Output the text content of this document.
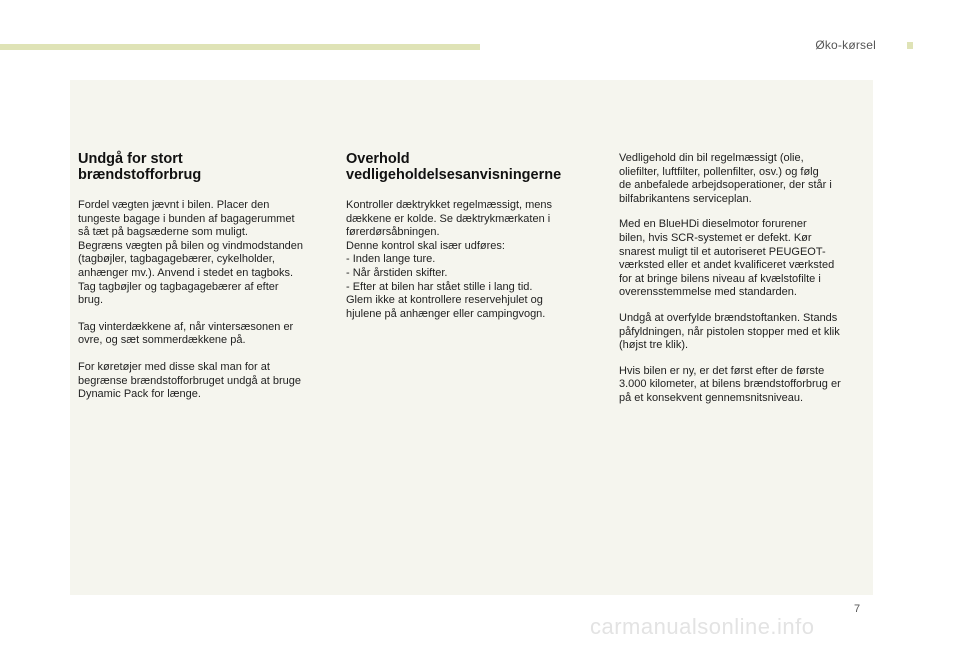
Øko-kørsel
Undgå for stort
brændstofforbrug

Fordel vægten jævnt i bilen. Placer den
tungeste bagage i bunden af bagagerummet
så tæt på bagsæderne som muligt.
Begræns vægten på bilen og vindmodstanden
(tagbøjler, tagbagagebærer, cykelholder,
anhænger mv.). Anvend i stedet en tagboks.
Tag tagbøjler og tagbagagebærer af efter
brug.

Tag vinterdækkene af, når vintersæsonen er
ovre, og sæt sommerdækkene på.

For køretøjer med disse skal man for at
begrænse brændstofforbruget undgå at bruge
Dynamic Pack for længe.

Overhold
vedligeholdelsesanvisningerne

Kontroller dæktrykket regelmæssigt, mens
dækkene er kolde. Se dæktrykmærkaten i
førerdørsåbningen.
Denne kontrol skal især udføres:
- Inden lange ture.
- Når årstiden skifter.
- Efter at bilen har stået stille i lang tid.
Glem ikke at kontrollere reservehjulet og
hjulene på anhænger eller campingvogn.

Vedligehold din bil regelmæssigt (olie,
oliefilter, luftfilter, pollenfilter, osv.) og følg
de anbefalede arbejdsoperationer, der står i
bilfabrikantens serviceplan.

Med en BlueHDi dieselmotor forurener
bilen, hvis SCR-systemet er defekt. Kør
snarest muligt til et autoriseret PEUGEOT-
værksted eller et andet kvalificeret værksted
for at bringe bilens niveau af kvælstofilte i
overensstemmelse med standarden.

Undgå at overfylde brændstoftanken. Stands
påfyldningen, når pistolen stopper med et klik
(højst tre klik).

Hvis bilen er ny, er det først efter de første
3.000 kilometer, at bilens brændstofforbrug er
på et konsekvent gennemsnitsniveau.

7
carmanualsonline.info
